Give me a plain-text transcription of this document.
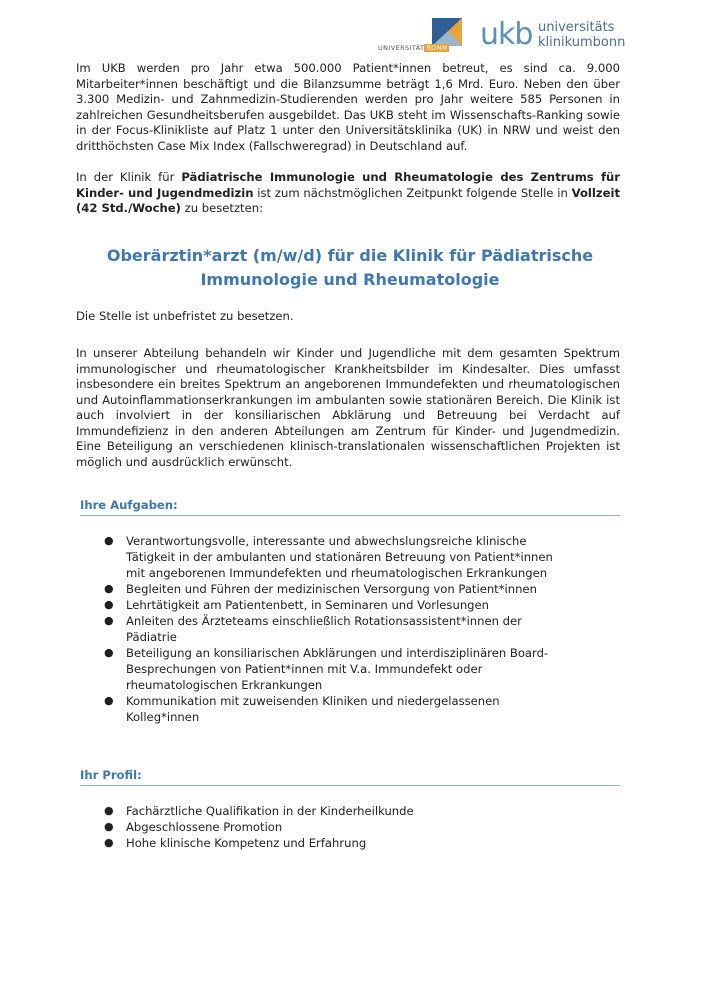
UNIVERSITÄT BONN ukb universitäts
klinikumbonn

Im UKB werden pro Jahr etwa 500.000 Patient*innen betreut, es sind ca. 9.000 Mitarbeiter*innen beschäftigt und die Bilanzsumme beträgt 1,6 Mrd. Euro. Neben den über 3.300 Medizin- und Zahnmedizin-Studierenden werden pro Jahr weitere 585 Personen in zahlreichen Gesundheitsberufen ausgebildet. Das UKB steht im Wissenschafts-Ranking sowie in der Focus-Klinikliste auf Platz 1 unter den Universitätsklinika (UK) in NRW und weist den dritthöchsten Case Mix Index (Fallschweregrad) in Deutschland auf.

In der Klinik für Pädiatrische Immunologie und Rheumatologie des Zentrums für Kinder- und Jugendmedizin ist zum nächstmöglichen Zeitpunkt folgende Stelle in Vollzeit (42 Std./Woche) zu besetzten:

Oberärztin*arzt (m/w/d) für die Klinik für Pädiatrische
Immunologie und Rheumatologie

Die Stelle ist unbefristet zu besetzen.

In unserer Abteilung behandeln wir Kinder und Jugendliche mit dem gesamten Spektrum immunologischer und rheumatologischer Krankheitsbilder im Kindesalter. Dies umfasst insbesondere ein breites Spektrum an angeborenen Immundefekten und rheumatologischen und Autoinflammationserkrankungen im ambulanten sowie stationären Bereich. Die Klinik ist auch involviert in der konsiliarischen Abklärung und Betreuung bei Verdacht auf Immundefizienz in den anderen Abteilungen am Zentrum für Kinder- und Jugendmedizin. Eine Beteiligung an verschiedenen klinisch-translationalen wissenschaftlichen Projekten ist möglich und ausdrücklich erwünscht.

Ihre Aufgaben:
● Verantwortungsvolle, interessante und abwechslungsreiche klinische Tätigkeit in der ambulanten und stationären Betreuung von Patient*innen mit angeborenen Immundefekten und rheumatologischen Erkrankungen
● Begleiten und Führen der medizinischen Versorgung von Patient*innen
● Lehrtätigkeit am Patientenbett, in Seminaren und Vorlesungen
● Anleiten des Ärzteteams einschließlich Rotationsassistent*innen der Pädiatrie
● Beteiligung an konsiliarischen Abklärungen und interdisziplinären Board-Besprechungen von Patient*innen mit V.a. Immundefekt oder rheumatologischen Erkrankungen
● Kommunikation mit zuweisenden Kliniken und niedergelassenen Kolleg*innen
Ihr Profil:
● Fachärztliche Qualifikation in der Kinderheilkunde
● Abgeschlossene Promotion
● Hohe klinische Kompetenz und Erfahrung
